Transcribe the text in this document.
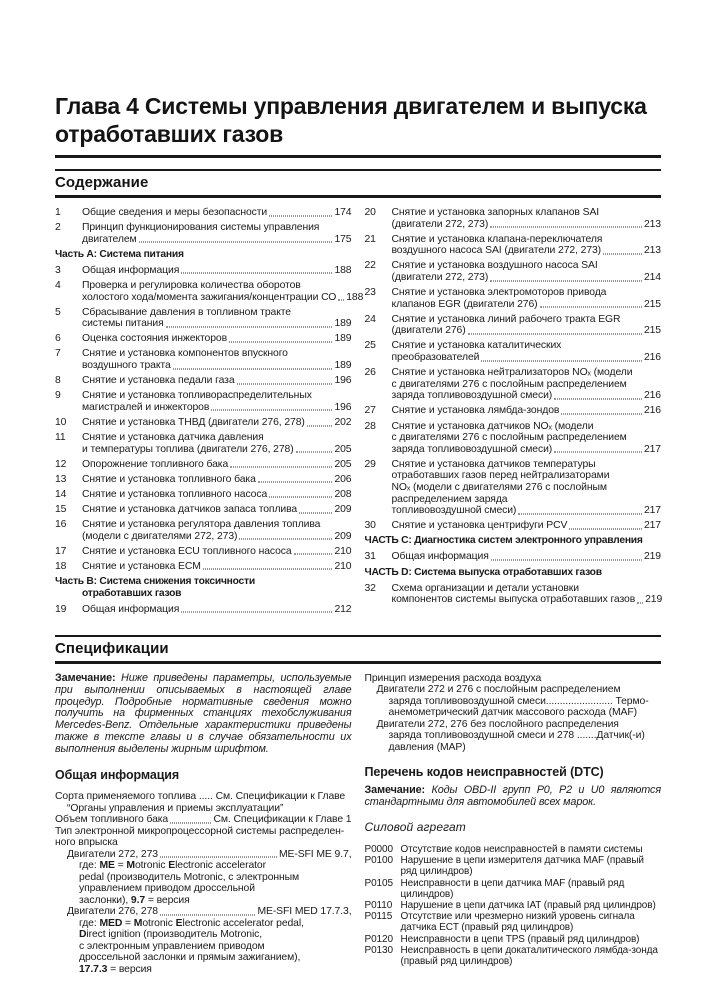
Глава 4 Системы управления двигателем и выпуска
отработавших газов
Содержание
1	Общие сведения и меры безопасности	174
2	Принцип функционирования системы управления
двигателем	175
Часть А: Система питания
3	Общая информация	188
4	Проверка и регулировка количества оборотов
холостого хода/момента зажигания/концентрации СО 188
5	Сбрасывание давления в топливном тракте
системы питания	189
6	Оценка состояния инжекторов	189
7	Снятие и установка компонентов впускного
воздушного тракта	189
8	Снятие и установка педали газа	196
9	Снятие и установка топливораспределительных
магистралей и инжекторов	196
10	Снятие и установка ТНВД (двигатели 276, 278)	202
11	Снятие и установка датчика давления
и температуры топлива (двигатели 276, 278)	205
12	Опорожнение топливного бака	205
13	Снятие и установка топливного бака	206
14	Снятие и установка топливного насоса	208
15	Снятие и установка датчиков запаса топлива	209
16	Снятие и установка регулятора давления топлива
(модели с двигателями 272, 273)	209
17	Снятие и установка ECU топливного насоса	210
18	Снятие и установка ECM	210
Часть В: Система снижения токсичности
отработавших газов
19	Общая информация	212
20	Снятие и установка запорных клапанов SAI
(двигатели 272, 273)	213
21	Снятие и установка клапана-переключателя
воздушного насоса SAI (двигатели 272, 273)	213
22	Снятие и установка воздушного насоса SAI
(двигатели 272, 273)	214
23	Снятие и установка электромоторов привода
клапанов EGR (двигатели 276)	215
24	Снятие и установка линий рабочего тракта EGR
(двигатели 276)	215
25	Снятие и установка каталитических
преобразователей	216
26	Снятие и установка нейтрализаторов NOₓ (модели
с двигателями 276 с послойным распределением
заряда топливовоздушной смеси)	216
27	Снятие и установка лямбда-зондов	216
28	Снятие и установка датчиков NOₓ (модели
с двигателями 276 с послойным распределением
заряда топливовоздушной смеси)	217
29	Снятие и установка датчиков температуры
отработавших газов перед нейтрализаторами
NOₓ (модели с двигателями 276 с послойным
распределением заряда
топливовоздушной смеси)	217
30	Снятие и установка центрифуги PCV	217
ЧАСТЬ С: Диагностика систем электронного управления
31	Общая информация	219
ЧАСТЬ D: Система выпуска отработавших газов
32	Схема организации и детали установки
компонентов системы выпуска отработавших газов 219
Спецификации

Замечание: Ниже приведены параметры, используемые при выполнении описываемых в настоящей главе процедур. Подробные нормативные сведения можно получить на фирменных станциях техобслуживания Mercedes-Benz. Отдельные характеристики приведены также в тексте главы и в случае обязательности их выполнения выделены жирным шрифтом.

Общая информация
Сорта применяемого топлива ..... См. Спецификации к Главе
“Органы управления и приемы эксплуатации”
Объем топливного бака	См. Спецификации к Главе 1
Тип электронной микропроцессорной системы распределен-
ного впрыска
Двигатели 272, 273	ME-SFI ME 9.7,
где: ME = Motronic Electronic accelerator
pedal (производитель Motronic, с электронным
управлением приводом дроссельной
заслонки), 9.7 = версия
Двигатели 276, 278	ME-SFI MED 17.7.3,
где: MED = Motronic Electronic accelerator pedal,
Direct ignition (производитель Motronic,
с электронным управлением приводом
дроссельной заслонки и прямым зажиганием),
17.7.3 = версия
Принцип измерения расхода воздуха
Двигатели 272 и 276 с послойным распределением
заряда топливовоздушной смеси........................ Термо-
анемометрический датчик массового расхода (MAF)
Двигатели 272, 276 без послойного распределения
заряда топливовоздушной смеси и 278 .......Датчик(-и)
давления (MAP)
Перечень кодов неисправностей (DTC)

Замечание: Коды OBD-II групп P0, P2 и U0 являются стандартными для автомобилей всех марок.

Силовой агрегат
P0000 Отсутствие кодов неисправностей в памяти системы
P0100 Нарушение в цепи измерителя датчика MAF (правый ряд цилиндров)
P0105 Неисправности в цепи датчика MAF (правый ряд цилиндров)
P0110 Нарушение в цепи датчика IAT (правый ряд цилиндров)
P0115 Отсутствие или чрезмерно низкий уровень сигнала датчика ECT (правый ряд цилиндров)
P0120 Неисправности в цепи TPS (правый ряд цилиндров)
P0130 Неисправность в цепи докаталитического лямбда-зонда (правый ряд цилиндров)
